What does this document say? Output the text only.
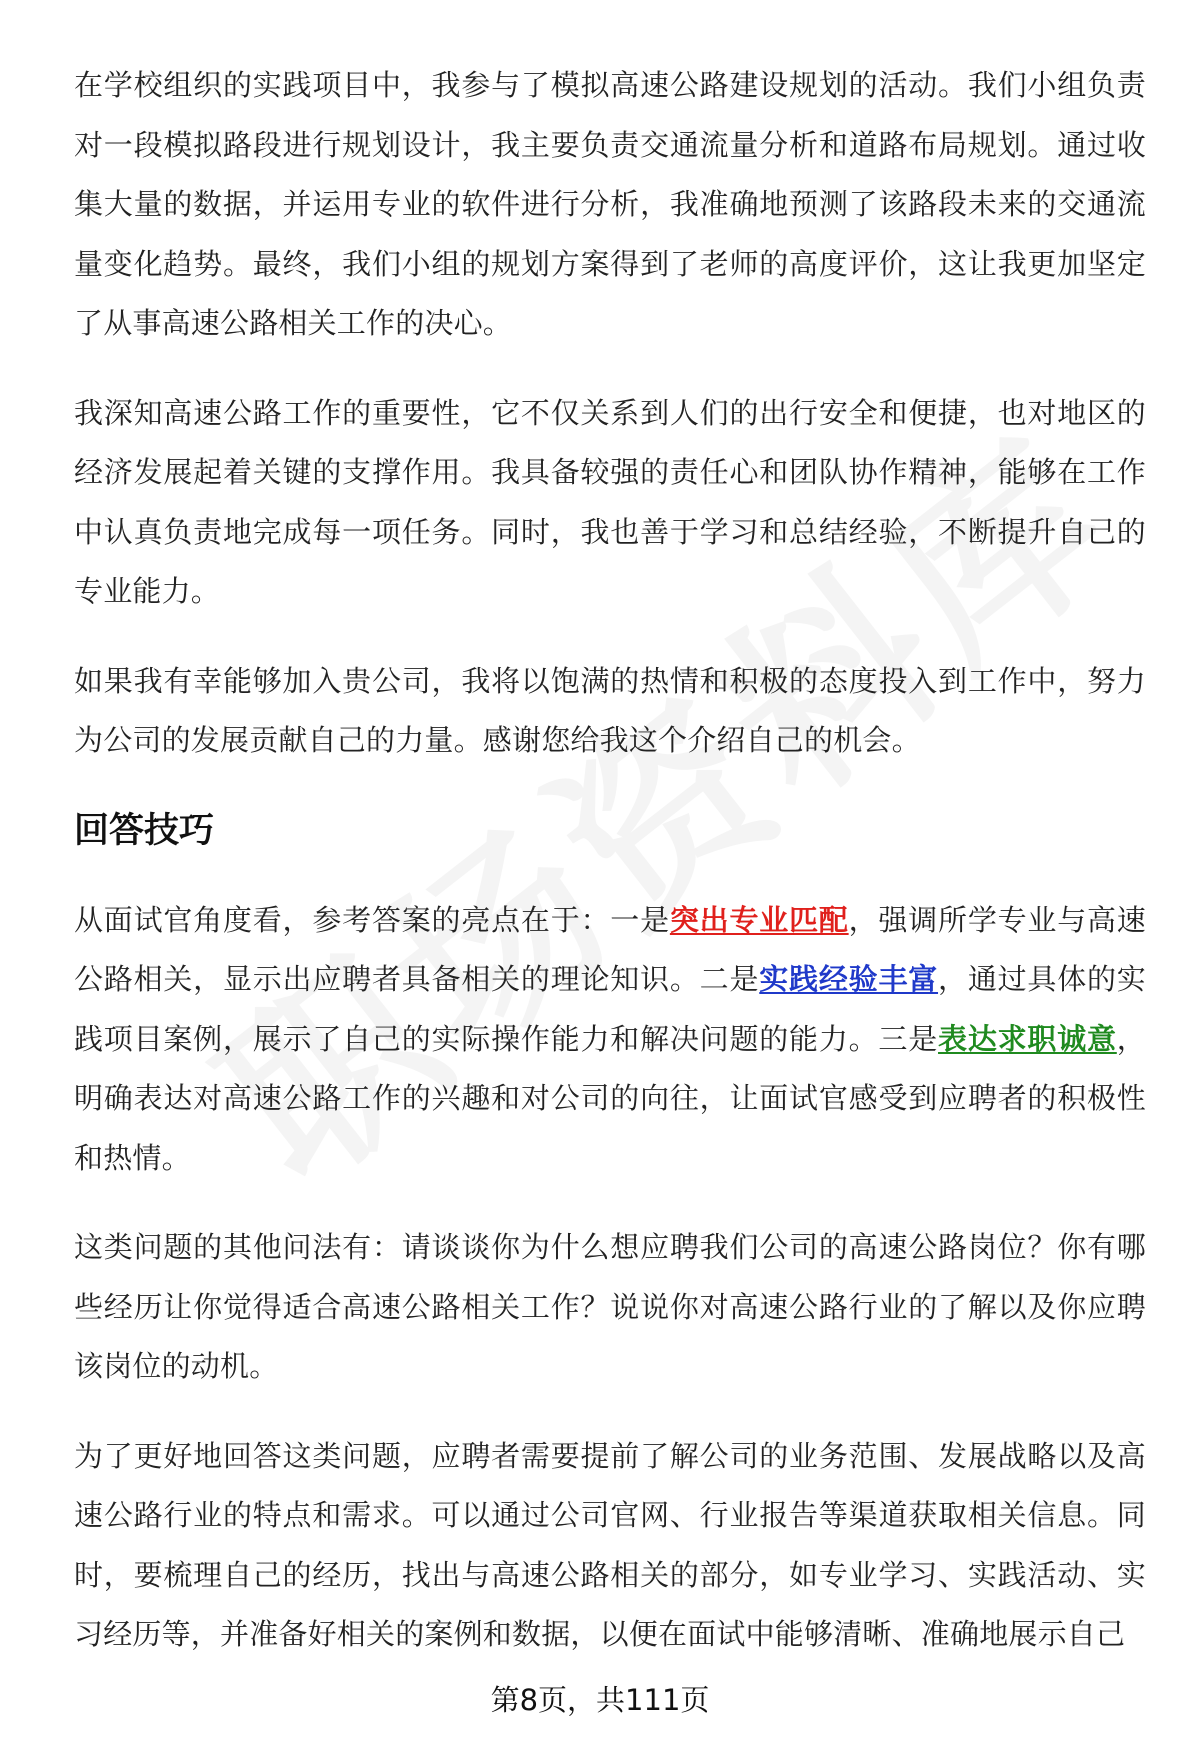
在学校组织的实践项目中，我参与了模拟高速公路建设规划的活动。我们小组负责对一段模拟路段进行规划设计，我主要负责交通流量分析和道路布局规划。通过收集大量的数据，并运用专业的软件进行分析，我准确地预测了该路段未来的交通流量变化趋势。最终，我们小组的规划方案得到了老师的高度评价，这让我更加坚定了从事高速公路相关工作的决心。

我深知高速公路工作的重要性，它不仅关系到人们的出行安全和便捷，也对地区的经济发展起着关键的支撑作用。我具备较强的责任心和团队协作精神，能够在工作中认真负责地完成每一项任务。同时，我也善于学习和总结经验，不断提升自己的专业能力。

如果我有幸能够加入贵公司，我将以饱满的热情和积极的态度投入到工作中，努力为公司的发展贡献自己的力量。感谢您给我这个介绍自己的机会。

回答技巧

从面试官角度看，参考答案的亮点在于：一是突出专业匹配，强调所学专业与高速公路相关，显示出应聘者具备相关的理论知识。二是实践经验丰富，通过具体的实践项目案例，展示了自己的实际操作能力和解决问题的能力。三是表达求职诚意，明确表达对高速公路工作的兴趣和对公司的向往，让面试官感受到应聘者的积极性和热情。

这类问题的其他问法有：请谈谈你为什么想应聘我们公司的高速公路岗位？你有哪些经历让你觉得适合高速公路相关工作？说说你对高速公路行业的了解以及你应聘该岗位的动机。

为了更好地回答这类问题，应聘者需要提前了解公司的业务范围、发展战略以及高速公路行业的特点和需求。可以通过公司官网、行业报告等渠道获取相关信息。同时，要梳理自己的经历，找出与高速公路相关的部分，如专业学习、实践活动、实习经历等，并准备好相关的案例和数据，以便在面试中能够清晰、准确地展示自己

第8页，共111页
